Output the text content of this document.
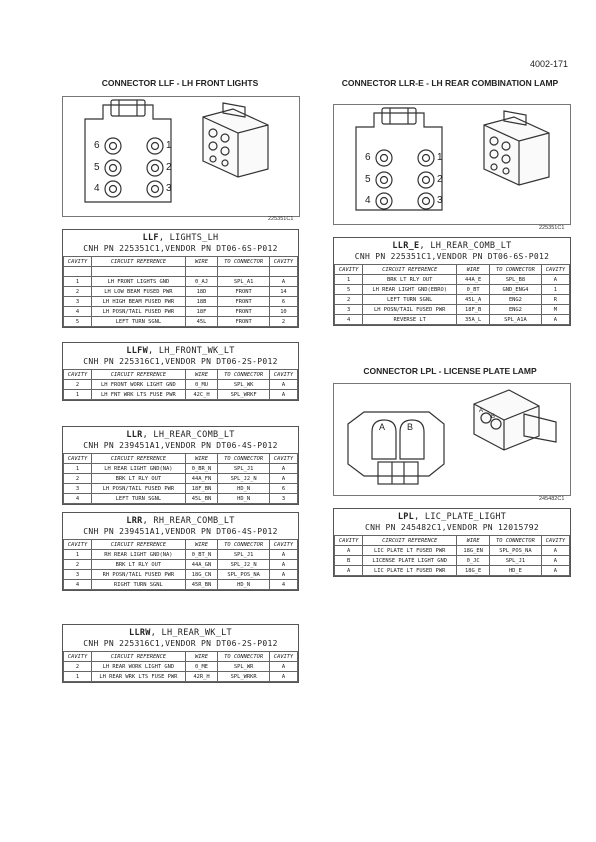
4002-171
CONNECTOR LLF - LH FRONT LIGHTS	CONNECTOR LLR-E - LH REAR COMBINATION LAMP
CONNECTOR LPL - LICENSE PLATE LAMP
6	1
5	2
4	3
225351C1
6	1
5	2
4	3
225351C1
A B
A
B
245482C1
LLF, LIGHTS_LH
CNH PN 225351C1,VENDOR PN DT06-6S-P012
CAVITY	CIRCUIT REFERENCE	WIRE	TO CONNECTOR	CAVITY

1	LH FRONT LIGHTS GND	0_AJ	SPL_A1	A
2	LH LOW BEAM FUSED PWR	18D	FRONT	14
3	LH HIGH BEAM FUSED PWR	18B	FRONT	6
4	LH POSN/TAIL FUSED PWR	18F	FRONT	10
5	LEFT TURN SGNL	45L	FRONT	2
LLFW, LH_FRONT_WK_LT
CNH PN 225316C1,VENDOR PN DT06-2S-P012
CAVITY	CIRCUIT REFERENCE	WIRE	TO CONNECTOR	CAVITY
2	LH FRONT WORK LIGHT GND	0_MU	SPL_WK	A
1	LH FNT WRK LTS FUSE PWR	42C_H	SPL_WRKF	A
LLR, LH_REAR_COMB_LT
CNH PN 239451A1,VENDOR PN DT06-4S-P012
CAVITY	CIRCUIT REFERENCE	WIRE	TO CONNECTOR	CAVITY
1	LH REAR LIGHT GND(NA)	0_BR_N	SPL_J1	A
2	BRK LT RLY OUT	44A_FN	SPL_J2_N	A
3	LH POSN/TAIL FUSED PWR	18F_BN	HD_N	6
4	LEFT TURN SGNL	45L_BN	HD_N	3
LRR, RH_REAR_COMB_LT
CNH PN 239451A1,VENDOR PN DT06-4S-P012
CAVITY	CIRCUIT REFERENCE	WIRE	TO CONNECTOR	CAVITY
1	RH REAR LIGHT GND(NA)	0_BT_N	SPL_J1	A
2	BRK LT RLY OUT	44A_GN	SPL_J2_N	A
3	RH POSN/TAIL FUSED PWR	18G_CN	SPL_POS_NA	A
4	RIGHT TURN SGNL	45R_BN	HD_N	4
LLRW, LH_REAR_WK_LT
CNH PN 225316C1,VENDOR PN DT06-2S-P012
CAVITY	CIRCUIT REFERENCE	WIRE	TO CONNECTOR	CAVITY
2	LH REAR WORK LIGHT GND	0_ME	SPL_WR	A
1	LH REAR WRK LTS FUSE PWR	42R_H	SPL_WRKR	A
LLR_E, LH_REAR_COMB_LT
CNH PN 225351C1,VENDOR PN DT06-6S-P012
CAVITY	CIRCUIT REFERENCE	WIRE	TO CONNECTOR	CAVITY
1	BRK LT RLY OUT	44A_E	SPL_B8	A
5	LH REAR LIGHT GND(EBRO)	0_BT	GND_ENG4	1
2	LEFT TURN SGNL	45L_A	ENG2	R
3	LH POSN/TAIL FUSED PWR	18F_B	ENG2	M
4	REVERSE LT	35A_L	SPL_A1A	A
LPL, LIC_PLATE_LIGHT
CNH PN 245482C1,VENDOR PN 12015792
CAVITY	CIRCUIT REFERENCE	WIRE	TO CONNECTOR	CAVITY
A	LIC PLATE LT FUSED PWR	18G_EN	SPL_POS_NA	A
B	LICENSE PLATE LIGHT GND	0_JC	SPL_J1	A
A	LIC PLATE LT FUSED PWR	18G_E	HD_E	A
